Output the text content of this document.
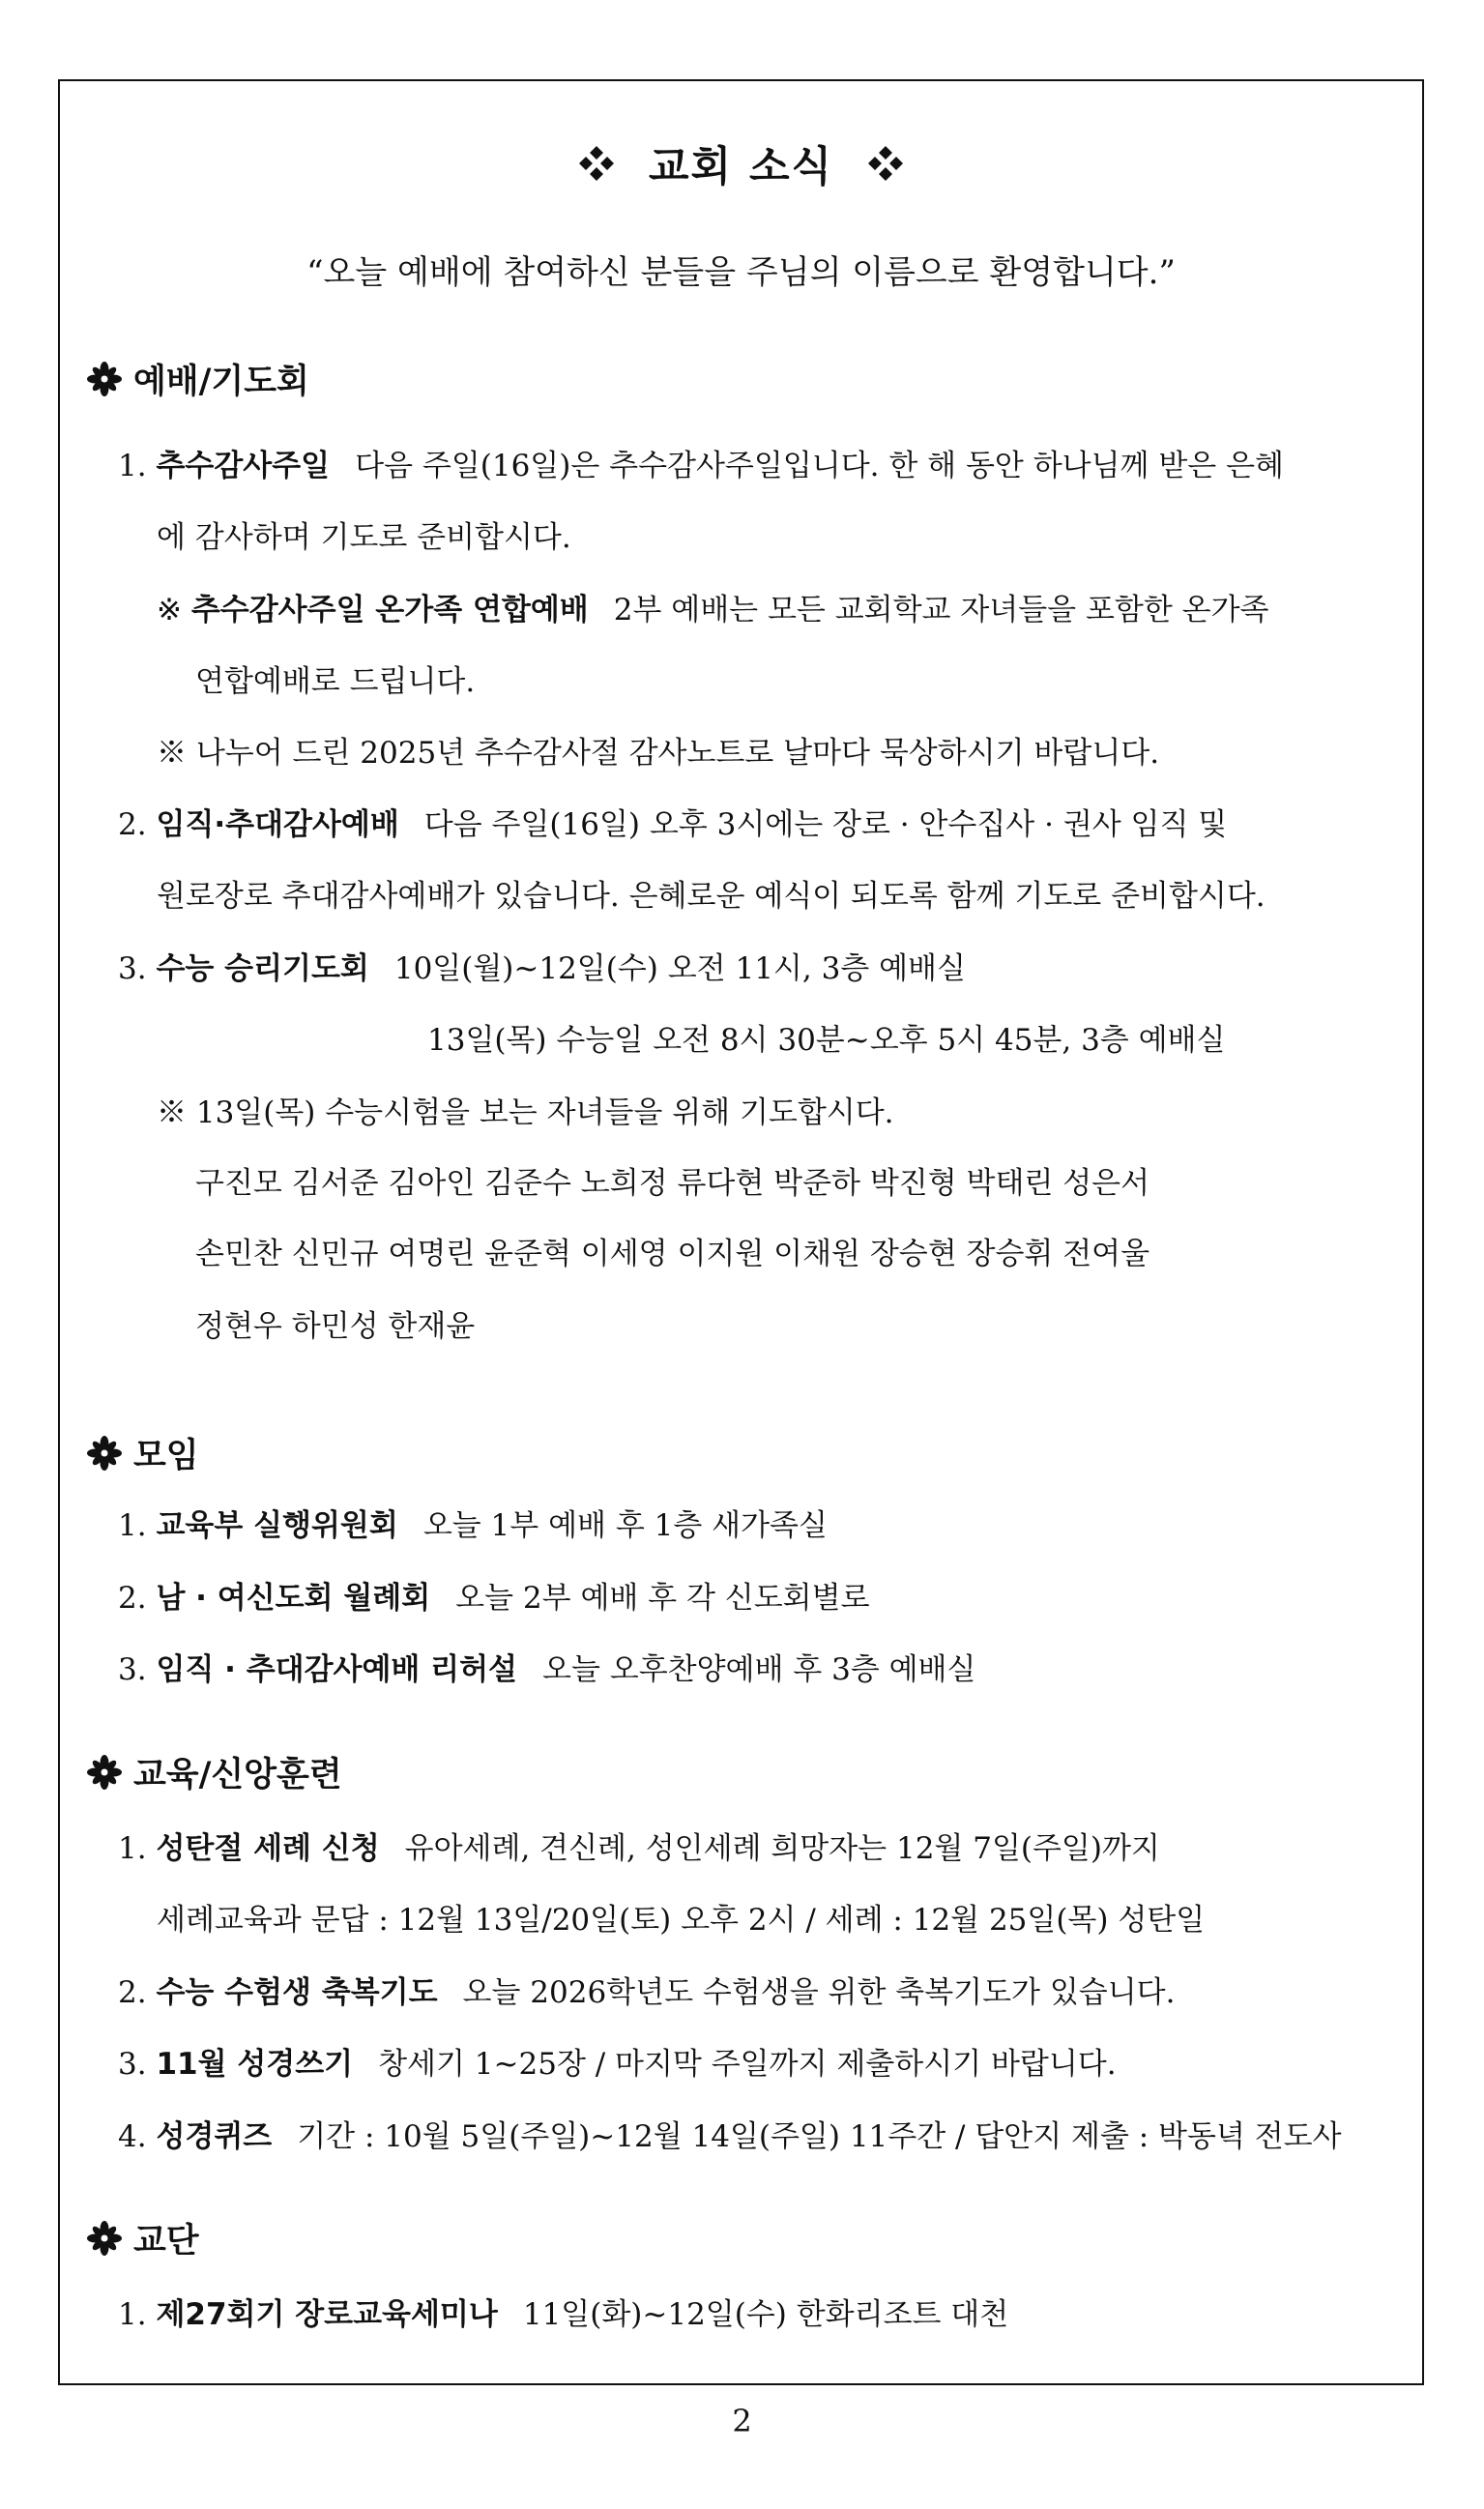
교회 소식
“오늘 예배에 참여하신 분들을 주님의 이름으로 환영합니다.”
예배/기도회
1. 추수감사주일 다음 주일(16일)은 추수감사주일입니다. 한 해 동안 하나님께 받은 은혜
에 감사하며 기도로 준비합시다.
※ 추수감사주일 온가족 연합예배 2부 예배는 모든 교회학교 자녀들을 포함한 온가족
연합예배로 드립니다.
※ 나누어 드린 2025년 추수감사절 감사노트로 날마다 묵상하시기 바랍니다.
2. 임직·추대감사예배 다음 주일(16일) 오후 3시에는 장로 · 안수집사 · 권사 임직 및
원로장로 추대감사예배가 있습니다. 은혜로운 예식이 되도록 함께 기도로 준비합시다.
3. 수능 승리기도회 10일(월)~12일(수) 오전 11시, 3층 예배실
13일(목) 수능일 오전 8시 30분~오후 5시 45분, 3층 예배실
※ 13일(목) 수능시험을 보는 자녀들을 위해 기도합시다.
구진모 김서준 김아인 김준수 노희정 류다현 박준하 박진형 박태린 성은서
손민찬 신민규 여명린 윤준혁 이세영 이지원 이채원 장승현 장승휘 전여울
정현우 하민성 한재윤
모임
1. 교육부 실행위원회 오늘 1부 예배 후 1층 새가족실
2. 남 · 여신도회 월례회 오늘 2부 예배 후 각 신도회별로
3. 임직 · 추대감사예배 리허설 오늘 오후찬양예배 후 3층 예배실
교육/신앙훈련
1. 성탄절 세례 신청 유아세례, 견신례, 성인세례 희망자는 12월 7일(주일)까지
세례교육과 문답 : 12월 13일/20일(토) 오후 2시 / 세례 : 12월 25일(목) 성탄일
2. 수능 수험생 축복기도 오늘 2026학년도 수험생을 위한 축복기도가 있습니다.
3. 11월 성경쓰기 창세기 1~25장 / 마지막 주일까지 제출하시기 바랍니다.
4. 성경퀴즈 기간 : 10월 5일(주일)~12월 14일(주일) 11주간 / 답안지 제출 : 박동녁 전도사
교단
1. 제27회기 장로교육세미나 11일(화)~12일(수) 한화리조트 대천
2
